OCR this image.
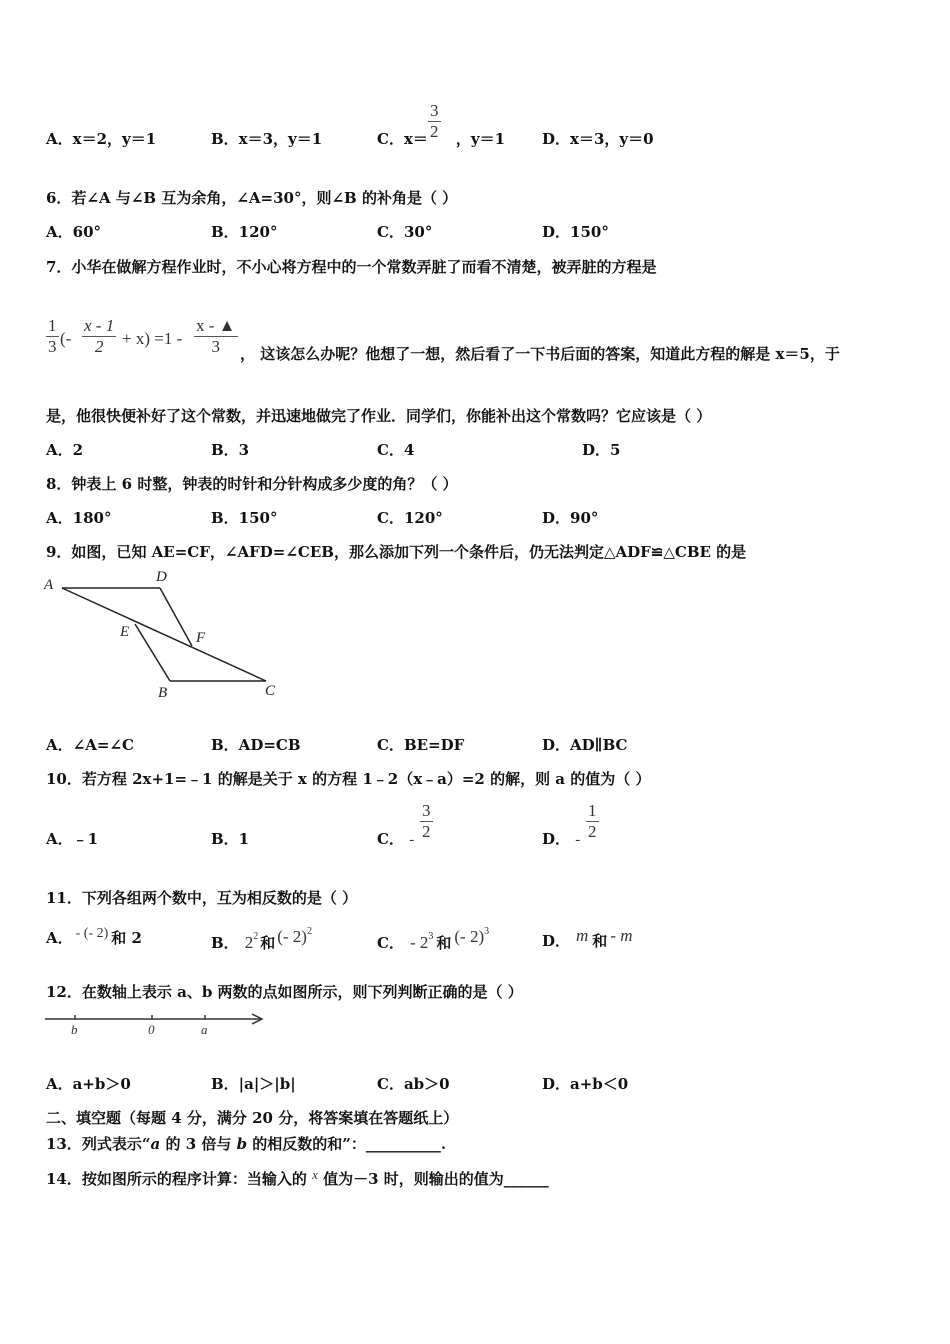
A．x＝2，y＝1	B．x＝3，y＝1	C．x＝ ，y＝1
$\frac{3}{2}$	D．x＝3，y＝0
6．若∠A 与∠B 互为余角，∠A=30°，则∠B 的补角是（ ）
A．60°	B．120°	C．30°	D．150°
7．小华在做解方程作业时，不小心将方程中的一个常数弄脏了而看不清楚，被弄脏的方程是
$\frac{1}{3}$ (- $\frac{x - 1}{2} + x) =1 - \frac{x - ▲}{3}$ ， 这该怎么办呢？他想了一想，然后看了一下书后面的答案，知道此方程的解是 x＝5，于
是，他很快便补好了这个常数，并迅速地做完了作业．同学们，你能补出这个常数吗？它应该是（ ）
A．2	B．3	C．4	D．5
8．钟表上 6 时整，钟表的时针和分针构成多少度的角？（ ）
A．180°	B．150°	C．120°	D．90°
9．如图，已知 AE=CF，∠AFD=∠CEB，那么添加下列一个条件后，仍无法判定△ADF≌△CBE 的是
A	D
E	F
B	C
A．∠A=∠C	B．AD=CB	C．BE=DF	D．AD∥BC
10．若方程 2x+1=﹣1 的解是关于 x 的方程 1﹣2（x﹣a）=2 的解，则 a 的值为（ ）
A．﹣1	B．1	C． - $\frac{3}{2}$	D． - $\frac{1}{2}$
11．下列各组两个数中，互为相反数的是（ ）
A． - (- 2) 和 2	B． $2^2$ 和 (- 2)$^2$
C． - $2^3$ 和 (- 2)$^3$
D． m 和 - m
12．在数轴上表示 a、b 两数的点如图所示，则下列判断正确的是（ ）
b	0	a
A．a+b＞0	B．|a|＞|b|	C．ab＞0	D．a+b＜0
二、填空题（每题 4 分，满分 20 分，将答案填在答题纸上）
13．列式表示“a 的 3 倍与 b 的相反数的和”：__________.
14．按如图所示的程序计算：当输入的 x 值为－3 时，则输出的值为______
